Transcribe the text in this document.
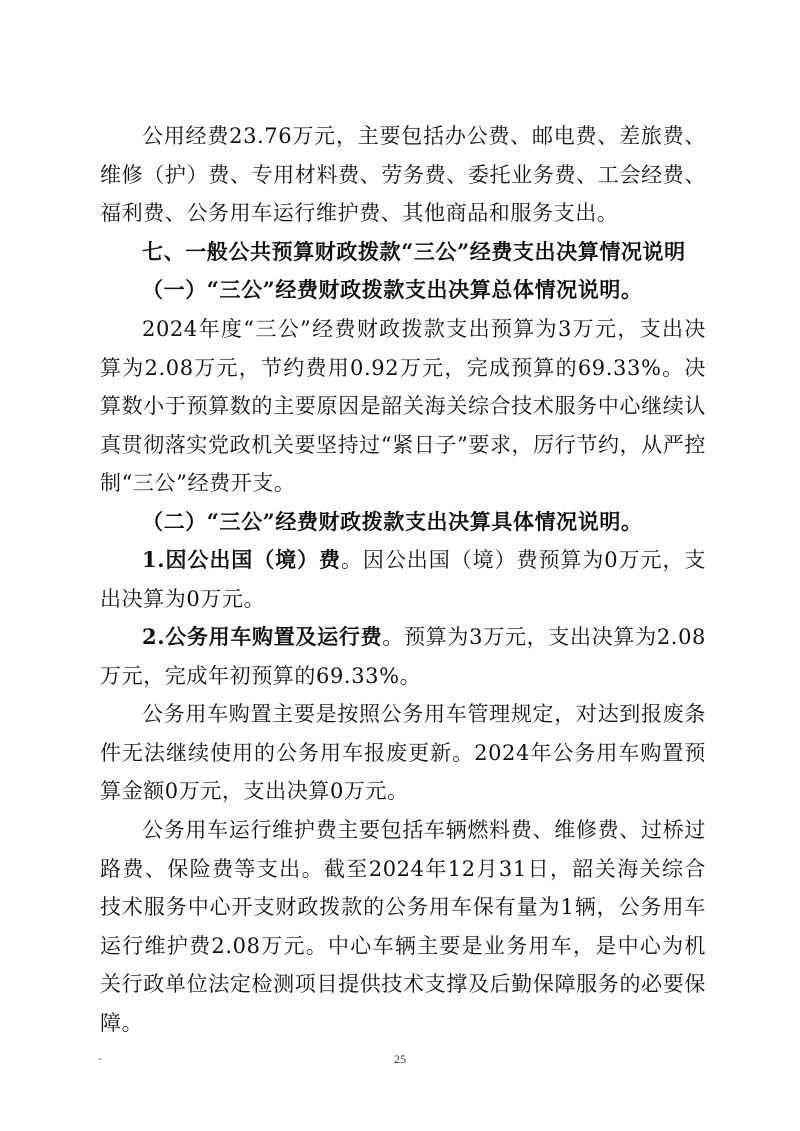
公用经费23.76万元，主要包括办公费、邮电费、差旅费、维修（护）费、专用材料费、劳务费、委托业务费、工会经费、福利费、公务用车运行维护费、其他商品和服务支出。

七、一般公共预算财政拨款“三公”经费支出决算情况说明

（一）“三公”经费财政拨款支出决算总体情况说明。

2024年度“三公”经费财政拨款支出预算为3万元，支出决算为2.08万元，节约费用0.92万元，完成预算的69.33%。决算数小于预算数的主要原因是韶关海关综合技术服务中心继续认真贯彻落实党政机关要坚持过“紧日子”要求，厉行节约，从严控制“三公”经费开支。

（二）“三公”经费财政拨款支出决算具体情况说明。

1.因公出国（境）费。因公出国（境）费预算为0万元，支出决算为0万元。

2.公务用车购置及运行费。预算为3万元，支出决算为2.08万元，完成年初预算的69.33%。

公务用车购置主要是按照公务用车管理规定，对达到报废条件无法继续使用的公务用车报废更新。2024年公务用车购置预算金额0万元，支出决算0万元。

公务用车运行维护费主要包括车辆燃料费、维修费、过桥过路费、保险费等支出。截至2024年12月31日，韶关海关综合技术服务中心开支财政拨款的公务用车保有量为1辆，公务用车运行维护费2.08万元。中心车辆主要是业务用车，是中心为机关行政单位法定检测项目提供技术支撑及后勤保障服务的必要保障。

-	25
